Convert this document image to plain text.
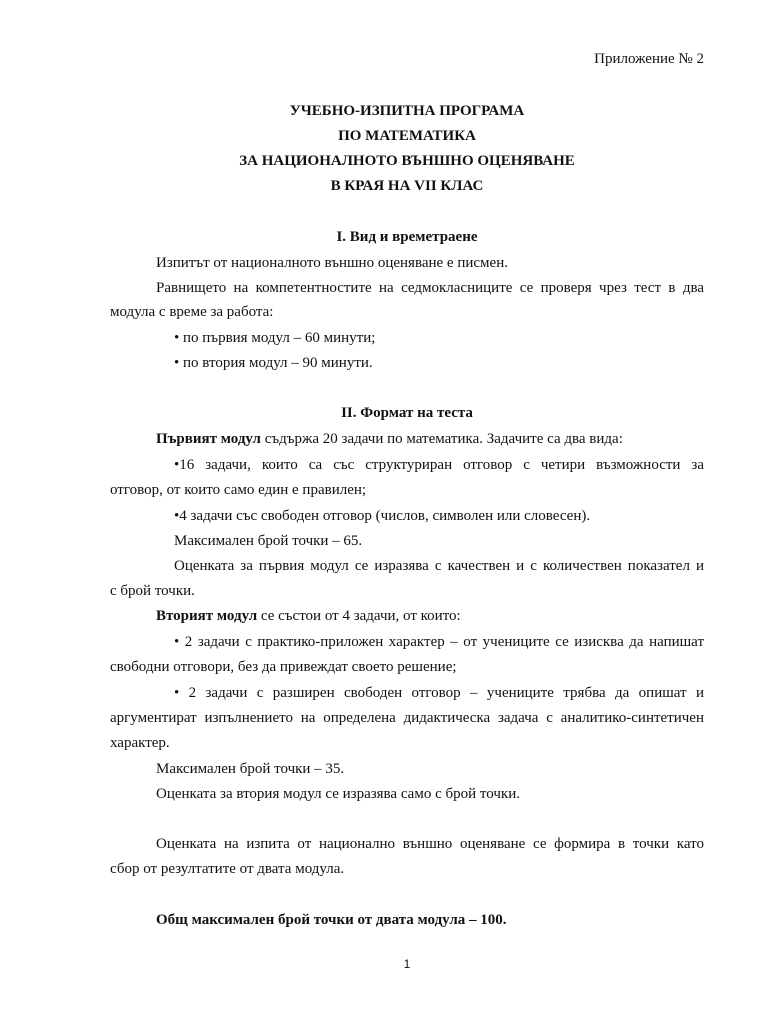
Приложение № 2
УЧЕБНО-ИЗПИТНА ПРОГРАМА
ПО МАТЕМАТИКА
ЗА НАЦИОНАЛНОТО ВЪНШНО ОЦЕНЯВАНЕ
В КРАЯ НА VII КЛАС
I. Вид и времетраене
Изпитът от националното външно оценяване е писмен.
Равнището на компетентностите на седмокласниците се проверя чрез тест в два
модула с време за работа:
• по първия модул – 60 минути;
• по втория модул – 90 минути.
II. Формат на теста
Първият модул съдържа 20 задачи по математика. Задачите са два вида:
•16 задачи, които са със структуриран отговор с четири възможности за
отговор, от които само един е правилен;
•4 задачи със свободен отговор (числов, символен или словесен).
Максимален брой точки – 65.
Оценката за първия модул се изразява с качествен и с количествен показател и
с брой точки.
Вторият модул се състои от 4 задачи, от които:
• 2 задачи с практико-приложен характер – от учениците се изисква да напишат
свободни отговори, без да привеждат своето решение;
• 2 задачи с разширен свободен отговор – учениците трябва да опишат и
аргументират изпълнението на определена дидактическа задача с аналитико-синтетичен
характер.
Максимален брой точки – 35.
Оценката за втория модул се изразява само с брой точки.
Оценката на изпита от национално външно оценяване се формира в точки като
сбор от резултатите от двата модула.
Общ максимален брой точки от двата модула – 100.
1
